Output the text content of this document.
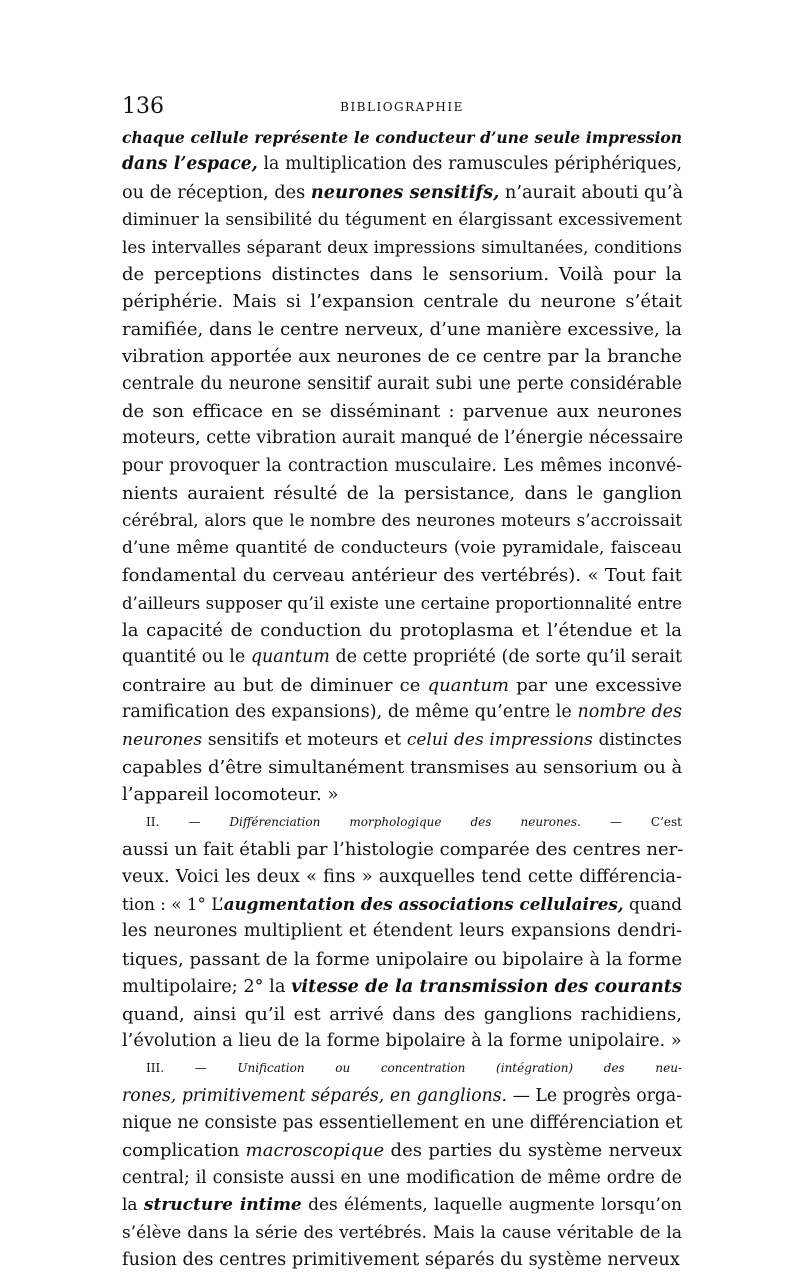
136	BIBLIOGRAPHIE
chaque cellule représente le conducteur d’une seule impression
dans l’espace, la multiplication des ramuscules périphériques,
ou de réception, des neurones sensitifs, n’aurait abouti qu’à
diminuer la sensibilité du tégument en élargissant excessivement
les intervalles séparant deux impressions simultanées, conditions
de perceptions distinctes dans le sensorium. Voilà pour la
périphérie. Mais si l’expansion centrale du neurone s’était
ramifiée, dans le centre nerveux, d’une manière excessive, la
vibration apportée aux neurones de ce centre par la branche
centrale du neurone sensitif aurait subi une perte considérable
de son efficace en se disséminant : parvenue aux neurones
moteurs, cette vibration aurait manqué de l’énergie nécessaire
pour provoquer la contraction musculaire. Les mêmes inconvé-
nients auraient résulté de la persistance, dans le ganglion
cérébral, alors que le nombre des neurones moteurs s’accroissait
d’une même quantité de conducteurs (voie pyramidale, faisceau
fondamental du cerveau antérieur des vertébrés). « Tout fait
d’ailleurs supposer qu’il existe une certaine proportionnalité entre
la capacité de conduction du protoplasma et l’étendue et la
quantité ou le quantum de cette propriété (de sorte qu’il serait
contraire au but de diminuer ce quantum par une excessive
ramification des expansions), de même qu’entre le nombre des
neurones sensitifs et moteurs et celui des impressions distinctes
capables d’être simultanément transmises au sensorium ou à
l’appareil locomoteur. »
II. — Différenciation morphologique des neurones. — C’est
aussi un fait établi par l’histologie comparée des centres ner-
veux. Voici les deux « fins » auxquelles tend cette différencia-
tion : « 1° L’augmentation des associations cellulaires, quand
les neurones multiplient et étendent leurs expansions dendri-
tiques, passant de la forme unipolaire ou bipolaire à la forme
multipolaire; 2° la vitesse de la transmission des courants
quand, ainsi qu’il est arrivé dans des ganglions rachidiens,
l’évolution a lieu de la forme bipolaire à la forme unipolaire. »
III. — Unification ou concentration (intégration) des neu-
rones, primitivement séparés, en ganglions. — Le progrès orga-
nique ne consiste pas essentiellement en une différenciation et
complication macroscopique des parties du système nerveux
central; il consiste aussi en une modification de même ordre de
la structure intime des éléments, laquelle augmente lorsqu’on
s’élève dans la série des vertébrés. Mais la cause véritable de la
fusion des centres primitivement séparés du système nerveux
